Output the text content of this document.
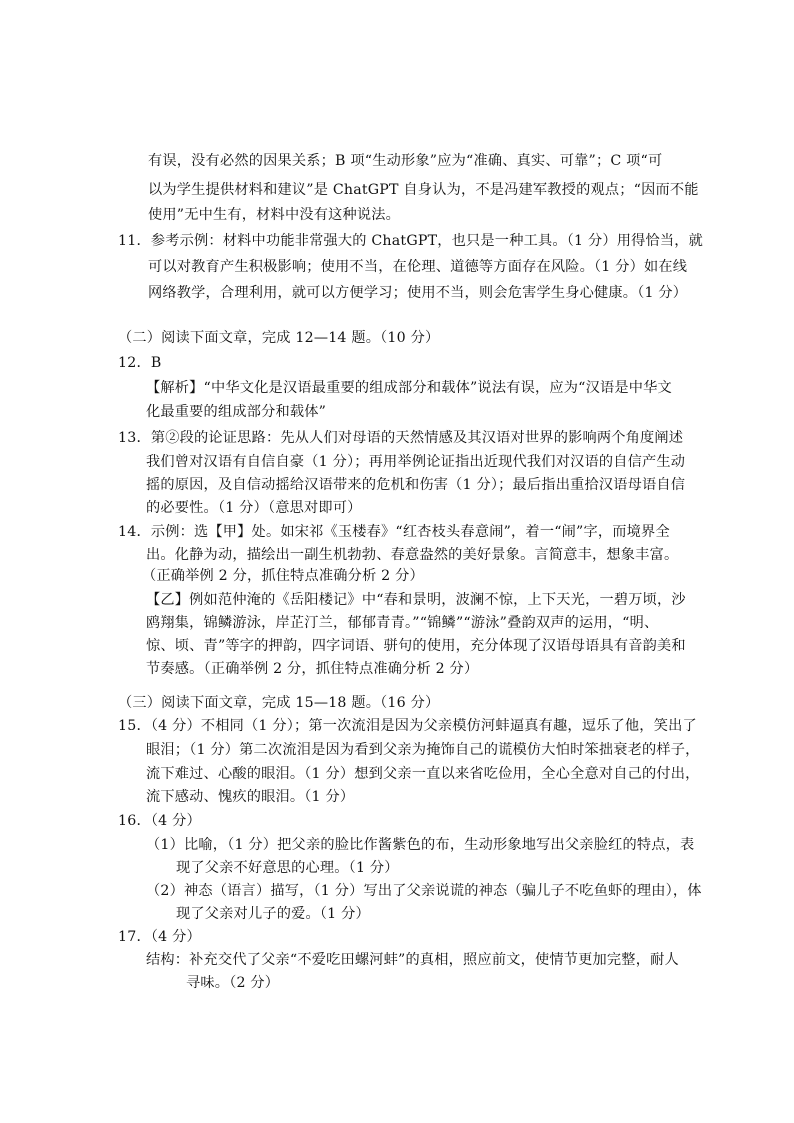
有误，没有必然的因果关系；B 项“生动形象”应为“准确、真实、可靠”；C 项“可
以为学生提供材料和建议”是 ChatGPT 自身认为，不是冯建军教授的观点；“因而不能
使用”无中生有，材料中没有这种说法。
11．参考示例：材料中功能非常强大的 ChatGPT，也只是一种工具。（1 分）用得恰当，就
可以对教育产生积极影响；使用不当，在伦理、道德等方面存在风险。（1 分）如在线
网络教学，合理利用，就可以方便学习；使用不当，则会危害学生身心健康。（1 分）
（二）阅读下面文章，完成 12—14 题。（10 分）
12．B
【解析】“中华文化是汉语最重要的组成部分和载体”说法有误，应为“汉语是中华文
化最重要的组成部分和载体”
13．第②段的论证思路：先从人们对母语的天然情感及其汉语对世界的影响两个角度阐述
我们曾对汉语有自信自豪（1 分）；再用举例论证指出近现代我们对汉语的自信产生动
摇的原因，及自信动摇给汉语带来的危机和伤害（1 分）；最后指出重拾汉语母语自信
的必要性。（1 分）（意思对即可）
14．示例：选【甲】处。如宋祁《玉楼春》“红杏枝头春意闹”，着一“闹”字，而境界全
出。化静为动，描绘出一副生机勃勃、春意盎然的美好景象。言简意丰，想象丰富。
（正确举例 2 分，抓住特点准确分析 2 分）
【乙】例如范仲淹的《岳阳楼记》中“春和景明，波澜不惊，上下天光，一碧万顷，沙
鸥翔集，锦鳞游泳，岸芷汀兰，郁郁青青。”“锦鳞”“游泳”叠韵双声的运用，“明、
惊、顷、青”等字的押韵，四字词语、骈句的使用，充分体现了汉语母语具有音韵美和
节奏感。（正确举例 2 分，抓住特点准确分析 2 分）
（三）阅读下面文章，完成 15—18 题。（16 分）
15．（4 分）不相同（1 分）；第一次流泪是因为父亲模仿河蚌逼真有趣，逗乐了他，笑出了
眼泪；（1 分）第二次流泪是因为看到父亲为掩饰自己的谎模仿大怕时笨拙衰老的样子，
流下难过、心酸的眼泪。（1 分）想到父亲一直以来省吃俭用，全心全意对自己的付出，
流下感动、愧疚的眼泪。（1 分）
16．（4 分）
（1）比喻，（1 分）把父亲的脸比作酱紫色的布，生动形象地写出父亲脸红的特点，表
现了父亲不好意思的心理。（1 分）
（2）神态（语言）描写，（1 分）写出了父亲说谎的神态（骗儿子不吃鱼虾的理由），体
现了父亲对儿子的爱。（1 分）
17．（4 分）
结构：补充交代了父亲“不爱吃田螺河蚌”的真相，照应前文，使情节更加完整，耐人
寻味。（2 分）
